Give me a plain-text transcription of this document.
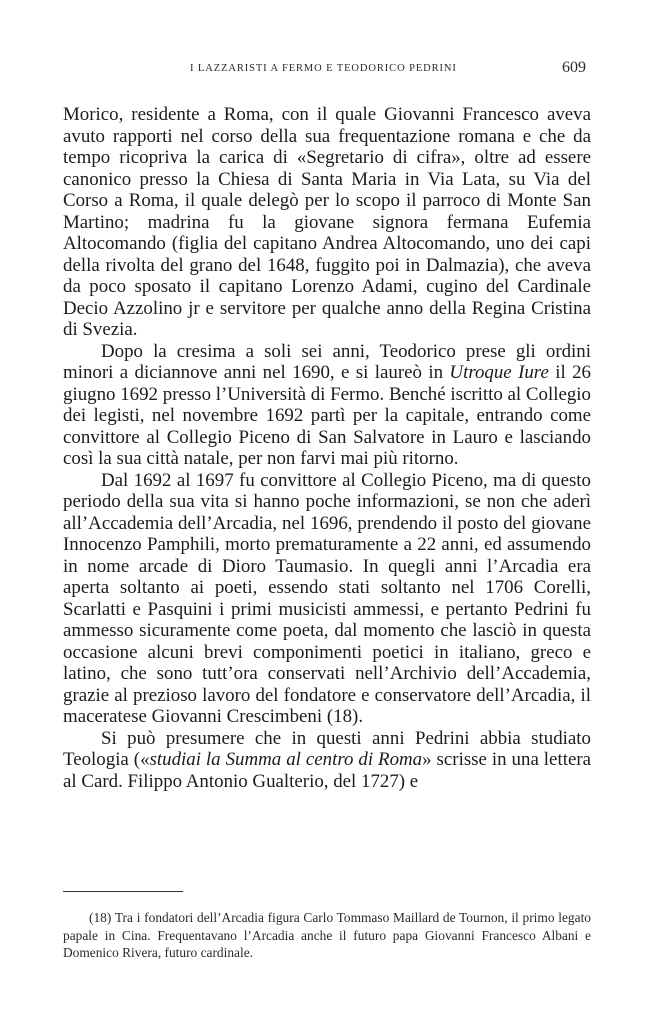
I LAZZARISTI A FERMO E TEODORICO PEDRINI	609

Morico, residente a Roma, con il quale Giovanni Francesco aveva avuto rapporti nel corso della sua frequentazione romana e che da tempo ricopriva la carica di «Segretario di cifra», oltre ad essere canonico presso la Chiesa di Santa Maria in Via Lata, su Via del Corso a Roma, il quale delegò per lo scopo il parroco di Monte San Martino; madrina fu la giovane signora fermana Eufemia Altocomando (figlia del capitano Andrea Altocomando, uno dei capi della rivolta del grano del 1648, fuggito poi in Dalmazia), che aveva da poco sposato il capitano Lorenzo Adami, cugino del Cardinale Decio Azzolino jr e servitore per qualche anno della Regina Cristina di Svezia.

Dopo la cresima a soli sei anni, Teodorico prese gli ordini minori a diciannove anni nel 1690, e si laureò in Utroque Iure il 26 giugno 1692 presso l’Università di Fermo. Benché iscritto al Collegio dei legisti, nel novembre 1692 partì per la capitale, entrando come convittore al Collegio Piceno di San Salvatore in Lauro e lasciando così la sua città natale, per non farvi mai più ritorno.

Dal 1692 al 1697 fu convittore al Collegio Piceno, ma di questo periodo della sua vita si hanno poche informazioni, se non che aderì all’Accademia dell’Arcadia, nel 1696, prendendo il posto del giovane Innocenzo Pamphili, morto prematuramente a 22 anni, ed assumendo in nome arcade di Dioro Taumasio. In quegli anni l’Arcadia era aperta soltanto ai poeti, essendo stati soltanto nel 1706 Corelli, Scarlatti e Pasquini i primi musicisti ammessi, e pertanto Pedrini fu ammesso sicuramente come poeta, dal momento che lasciò in questa occasione alcuni brevi componimenti poetici in italiano, greco e latino, che sono tutt’ora conservati nell’Archivio dell’Accademia, grazie al prezioso lavoro del fondatore e conservatore dell’Arcadia, il maceratese Giovanni Crescimbeni (18).

Si può presumere che in questi anni Pedrini abbia studiato Teologia («studiai la Summa al centro di Roma» scrisse in una lettera al Card. Filippo Antonio Gualterio, del 1727) e

(18) Tra i fondatori dell’Arcadia figura Carlo Tommaso Maillard de Tournon, il primo legato papale in Cina. Frequentavano l’Arcadia anche il futuro papa Giovanni Francesco Albani e Domenico Rivera, futuro cardinale.
